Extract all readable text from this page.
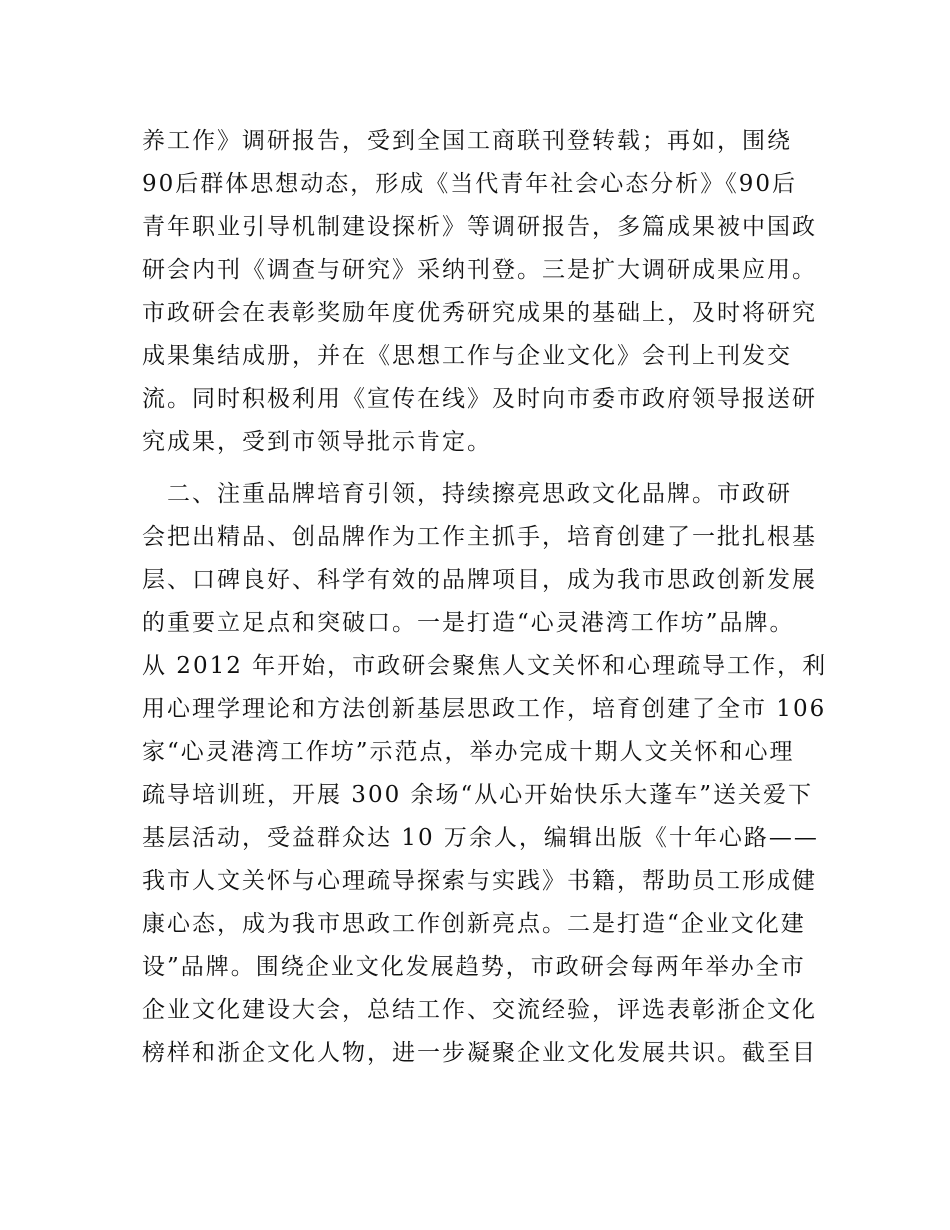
养工作》调研报告，受到全国工商联刊登转载；再如，围绕
90后群体思想动态，形成《当代青年社会心态分析》《90后
青年职业引导机制建设探析》等调研报告，多篇成果被中国政
研会内刊《调查与研究》采纳刊登。三是扩大调研成果应用。
市政研会在表彰奖励年度优秀研究成果的基础上，及时将研究
成果集结成册，并在《思想工作与企业文化》会刊上刊发交
流。同时积极利用《宣传在线》及时向市委市政府领导报送研
究成果，受到市领导批示肯定。
　二、注重品牌培育引领，持续擦亮思政文化品牌。市政研
会把出精品、创品牌作为工作主抓手，培育创建了一批扎根基
层、口碑良好、科学有效的品牌项目，成为我市思政创新发展
的重要立足点和突破口。一是打造“心灵港湾工作坊”品牌。
从 2012 年开始，市政研会聚焦人文关怀和心理疏导工作，利
用心理学理论和方法创新基层思政工作，培育创建了全市 106
家“心灵港湾工作坊”示范点，举办完成十期人文关怀和心理
疏导培训班，开展 300 余场“从心开始快乐大蓬车”送关爱下
基层活动，受益群众达 10 万余人，编辑出版《十年心路——
我市人文关怀与心理疏导探索与实践》书籍，帮助员工形成健
康心态，成为我市思政工作创新亮点。二是打造“企业文化建
设”品牌。围绕企业文化发展趋势，市政研会每两年举办全市
企业文化建设大会，总结工作、交流经验，评选表彰浙企文化
榜样和浙企文化人物，进一步凝聚企业文化发展共识。截至目
